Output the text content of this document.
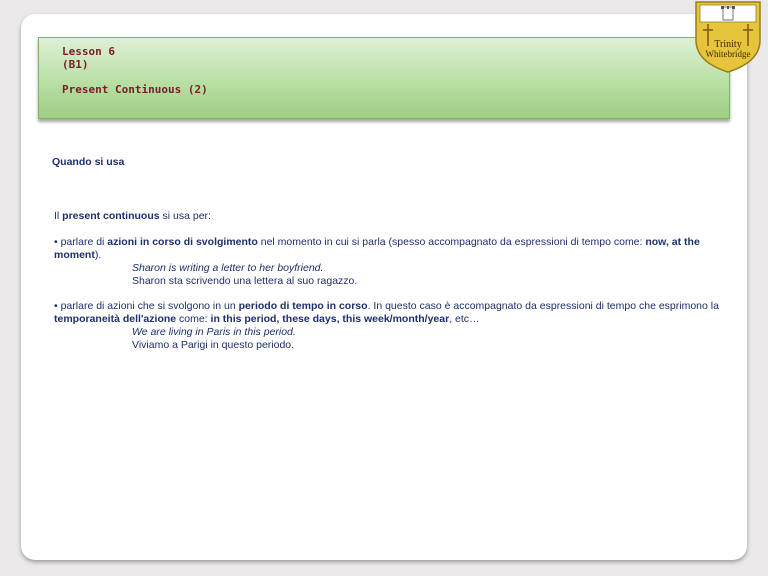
Lesson 6
(B1)
Present Continuous (2)
Trinity
Whitebridge
Quando si usa
Il present continuous si usa per:
• parlare di azioni in corso di svolgimento nel momento in cui si parla (spesso accompagnato da espressioni di tempo come: now, at the moment).
Sharon is writing a letter to her boyfriend.
Sharon sta scrivendo una lettera al suo ragazzo.
• parlare di azioni che si svolgono in un periodo di tempo in corso. In questo caso è accompagnato da espressioni di tempo che esprimono la temporaneità dell'azione come: in this period, these days, this week/month/year, etc…
We are living in Paris in this period.
Viviamo a Parigi in questo periodo.
